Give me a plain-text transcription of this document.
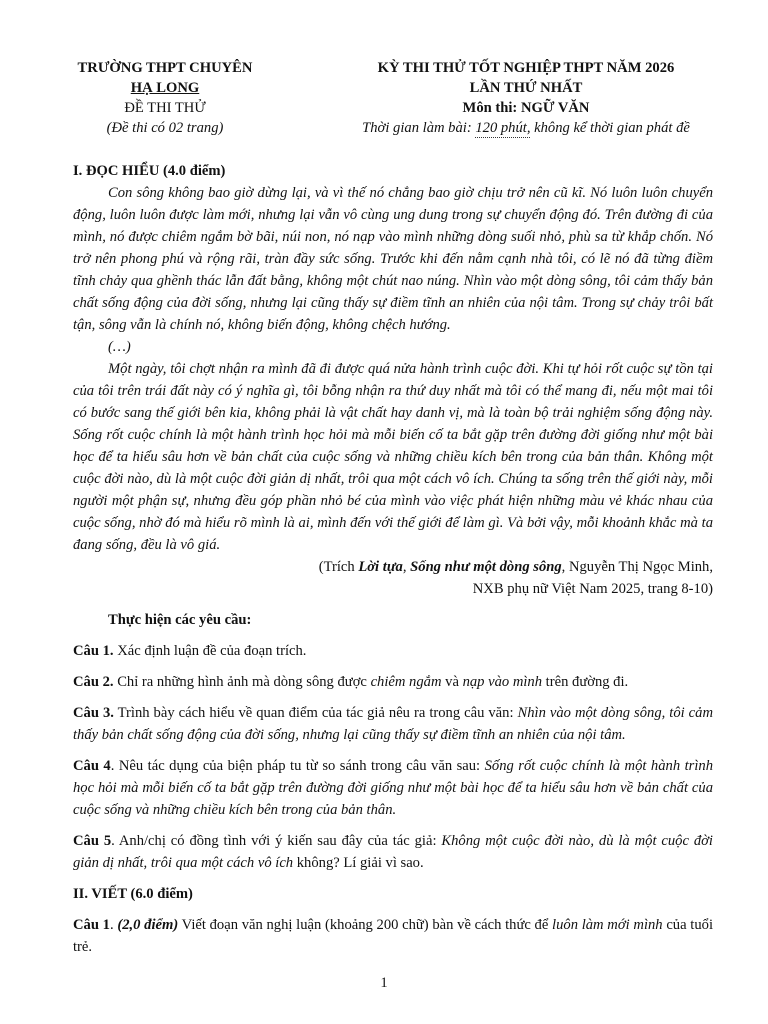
TRƯỜNG THPT CHUYÊN
HẠ LONG
ĐỀ THI THỬ
(Đề thi có 02 trang)
KỲ THI THỬ TỐT NGHIỆP THPT NĂM 2026
LẦN THỨ NHẤT
Môn thi: NGỮ VĂN
Thời gian làm bài: 120 phút, không kể thời gian phát đề

I. ĐỌC HIỂU (4.0 điểm)

Con sông không bao giờ dừng lại, và vì thế nó chẳng bao giờ chịu trở nên cũ kĩ. Nó luôn luôn chuyển động, luôn luôn được làm mới, nhưng lại vẫn vô cùng ung dung trong sự chuyển động đó. Trên đường đi của mình, nó được chiêm ngắm bờ bãi, núi non, nó nạp vào mình những dòng suối nhỏ, phù sa từ khắp chốn. Nó trở nên phong phú và rộng rãi, tràn đầy sức sống. Trước khi đến nằm cạnh nhà tôi, có lẽ nó đã từng điềm tĩnh chảy qua ghềnh thác lẫn đất bằng, không một chút nao núng. Nhìn vào một dòng sông, tôi cảm thấy bản chất sống động của đời sống, nhưng lại cũng thấy sự điềm tĩnh an nhiên của nội tâm. Trong sự chảy trôi bất tận, sông vẫn là chính nó, không biến động, không chệch hướng.

(…)

Một ngày, tôi chợt nhận ra mình đã đi được quá nửa hành trình cuộc đời. Khi tự hỏi rốt cuộc sự tồn tại của tôi trên trái đất này có ý nghĩa gì, tôi bỗng nhận ra thứ duy nhất mà tôi có thể mang đi, nếu một mai tôi có bước sang thế giới bên kia, không phải là vật chất hay danh vị, mà là toàn bộ trải nghiệm sống động này. Sống rốt cuộc chính là một hành trình học hỏi mà mỗi biến cố ta bắt gặp trên đường đời giống như một bài học để ta hiểu sâu hơn về bản chất của cuộc sống và những chiều kích bên trong của bản thân. Không một cuộc đời nào, dù là một cuộc đời giản dị nhất, trôi qua một cách vô ích. Chúng ta sống trên thế giới này, mỗi người một phận sự, nhưng đều góp phần nhỏ bé của mình vào việc phát hiện những màu vẻ khác nhau của cuộc sống, nhờ đó mà hiểu rõ mình là ai, mình đến với thế giới để làm gì. Và bởi vậy, mỗi khoảnh khắc mà ta đang sống, đều là vô giá.

(Trích Lời tựa, Sống như một dòng sông, Nguyễn Thị Ngọc Minh,

NXB phụ nữ Việt Nam 2025, trang 8-10)

Thực hiện các yêu cầu:

Câu 1. Xác định luận đề của đoạn trích.

Câu 2. Chỉ ra những hình ảnh mà dòng sông được chiêm ngắm và nạp vào mình trên đường đi.

Câu 3. Trình bày cách hiểu về quan điểm của tác giả nêu ra trong câu văn: Nhìn vào một dòng sông, tôi cảm thấy bản chất sống động của đời sống, nhưng lại cũng thấy sự điềm tĩnh an nhiên của nội tâm.

Câu 4. Nêu tác dụng của biện pháp tu từ so sánh trong câu văn sau: Sống rốt cuộc chính là một hành trình học hỏi mà mỗi biến cố ta bắt gặp trên đường đời giống như một bài học để ta hiểu sâu hơn về bản chất của cuộc sống và những chiều kích bên trong của bản thân.

Câu 5. Anh/chị có đồng tình với ý kiến sau đây của tác giả: Không một cuộc đời nào, dù là một cuộc đời giản dị nhất, trôi qua một cách vô ích không? Lí giải vì sao.

II. VIẾT (6.0 điểm)

Câu 1. (2,0 điểm) Viết đoạn văn nghị luận (khoảng 200 chữ) bàn về cách thức để luôn làm mới mình của tuổi trẻ.

1
